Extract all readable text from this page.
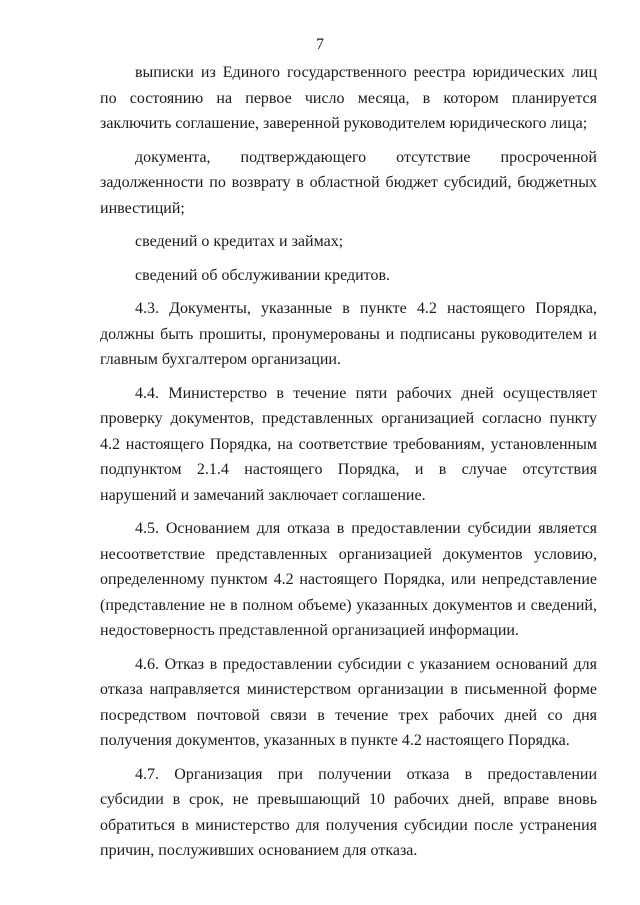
7

выписки из Единого государственного реестра юридических лиц по состоянию на первое число месяца, в котором планируется заключить соглашение, заверенной руководителем юридического лица;

документа, подтверждающего отсутствие просроченной задолженности по возврату в областной бюджет субсидий, бюджетных инвестиций;

сведений о кредитах и займах;

сведений об обслуживании кредитов.

4.3. Документы, указанные в пункте 4.2 настоящего Порядка, должны быть прошиты, пронумерованы и подписаны руководителем и главным бухгалтером организации.

4.4. Министерство в течение пяти рабочих дней осуществляет проверку документов, представленных организацией согласно пункту 4.2 настоящего Порядка, на соответствие требованиям, установленным подпунктом 2.1.4 настоящего Порядка, и в случае отсутствия нарушений и замечаний заключает соглашение.

4.5. Основанием для отказа в предоставлении субсидии является несоответствие представленных организацией документов условию, определенному пунктом 4.2 настоящего Порядка, или непредставление (представление не в полном объеме) указанных документов и сведений, недостоверность представленной организацией информации.

4.6. Отказ в предоставлении субсидии с указанием оснований для отказа направляется министерством организации в письменной форме посредством почтовой связи в течение трех рабочих дней со дня получения документов, указанных в пункте 4.2 настоящего Порядка.

4.7. Организация при получении отказа в предоставлении субсидии в срок, не превышающий 10 рабочих дней, вправе вновь обратиться в министерство для получения субсидии после устранения причин, послуживших основанием для отказа.
